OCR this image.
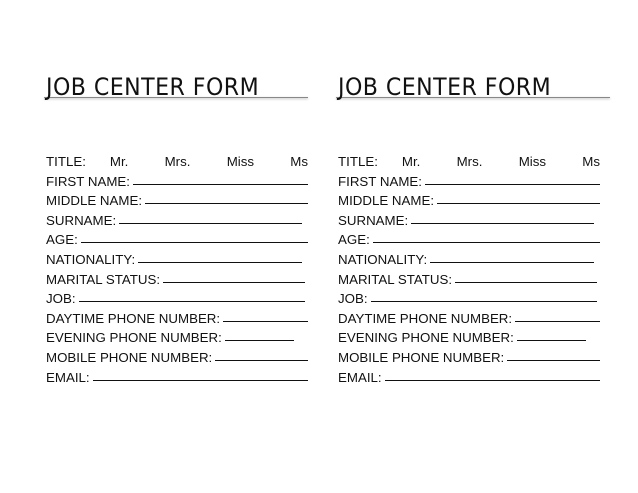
JOB CENTER FORM
TITLE: Mr.	Mrs.	Miss	Ms
FIRST NAME:
MIDDLE NAME:
SURNAME:
AGE:
NATIONALITY:
MARITAL STATUS:
JOB:
DAYTIME PHONE NUMBER:
EVENING PHONE NUMBER:
MOBILE PHONE NUMBER:
EMAIL:
JOB CENTER FORM
TITLE: Mr.	Mrs.	Miss	Ms
FIRST NAME:
MIDDLE NAME:
SURNAME:
AGE:
NATIONALITY:
MARITAL STATUS:
JOB:
DAYTIME PHONE NUMBER:
EVENING PHONE NUMBER:
MOBILE PHONE NUMBER:
EMAIL:
